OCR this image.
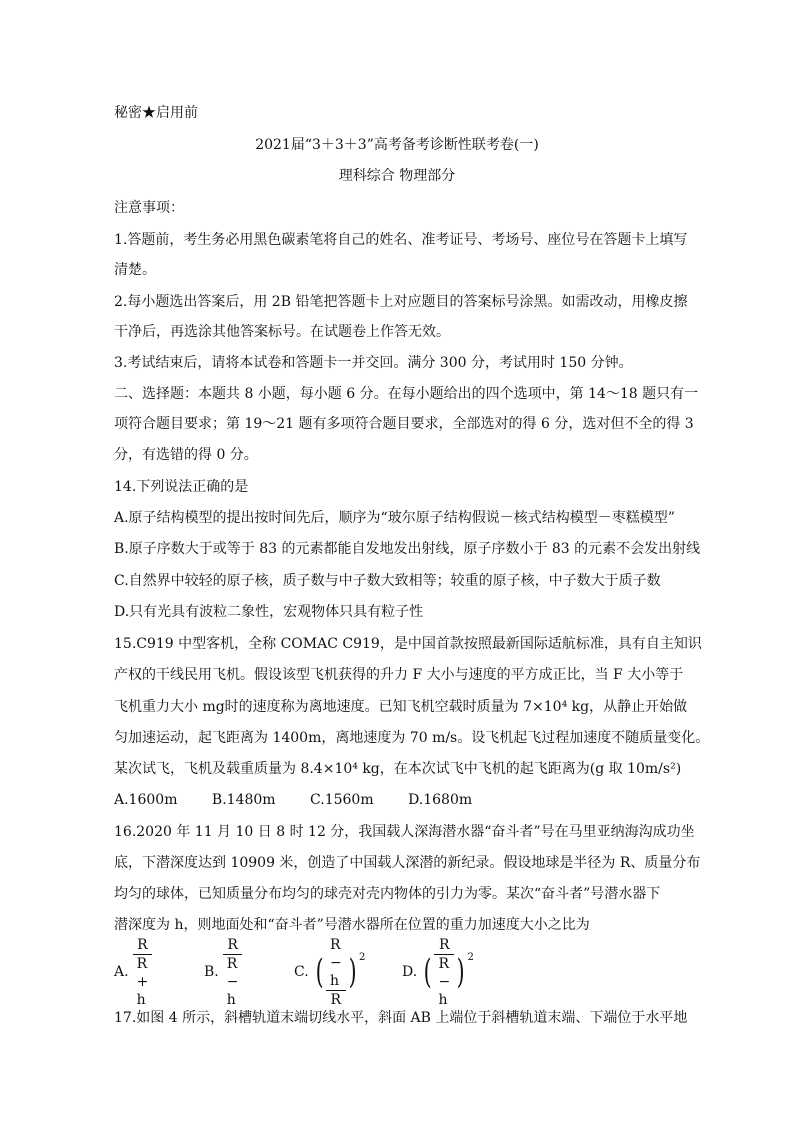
秘密★启用前
2021届“3＋3＋3”高考备考诊断性联考卷(一)
理科综合 物理部分
注意事项：
1.答题前，考生务必用黑色碳素笔将自己的姓名、准考证号、考场号、座位号在答题卡上填写
清楚。
2.每小题选出答案后，用 2B 铅笔把答题卡上对应题目的答案标号涂黑。如需改动，用橡皮擦
干净后，再选涂其他答案标号。在试题卷上作答无效。
3.考试结束后，请将本试卷和答题卡一并交回。满分 300 分，考试用时 150 分钟。
二、选择题：本题共 8 小题，每小题 6 分。在每小题给出的四个选项中，第 14～18 题只有一
项符合题目要求；第 19～21 题有多项符合题目要求，全部选对的得 6 分，选对但不全的得 3
分，有选错的得 0 分。
14.下列说法正确的是
A.原子结构模型的提出按时间先后，顺序为“玻尔原子结构假说－核式结构模型－枣糕模型”
B.原子序数大于或等于 83 的元素都能自发地发出射线，原子序数小于 83 的元素不会发出射线
C.自然界中较轻的原子核，质子数与中子数大致相等；较重的原子核，中子数大于质子数
D.只有光具有波粒二象性，宏观物体只具有粒子性
15.C919 中型客机，全称 COMAC C919，是中国首款按照最新国际适航标准，具有自主知识
产权的干线民用飞机。假设该型飞机获得的升力 F 大小与速度的平方成正比，当 F 大小等于
飞机重力大小 mg时的速度称为离地速度。已知飞机空载时质量为 7×10⁴ kg，从静止开始做
匀加速运动，起飞距离为 1400m，离地速度为 70 m/s。设飞机起飞过程加速度不随质量变化。
某次试飞，飞机及载重质量为 8.4×10⁴ kg，在本次试飞中飞机的起飞距离为(g 取 10m/s²)
A.1600m B.1480m C.1560m D.1680m
16.2020 年 11 月 10 日 8 时 12 分，我国载人深海潜水器“奋斗者”号在马里亚纳海沟成功坐
底，下潜深度达到 10909 米，创造了中国载人深潜的新纪录。假设地球是半径为 R、质量分布
均匀的球体，已知质量分布均匀的球壳对壳内物体的引力为零。某次“奋斗者”号潜水器下
潜深度为 h，则地面处和“奋斗者”号潜水器所在位置的重力加速度大小之比为
A. $\frac{R}{R + h}$	B. $\frac{R}{R - h}$	C. ( $\frac{R - h}{R}$ ) 2
D. ( $\frac{R}{R - h}$ ) 2
17.如图 4 所示，斜槽轨道末端切线水平，斜面 AB 上端位于斜槽轨道末端、下端位于水平地
